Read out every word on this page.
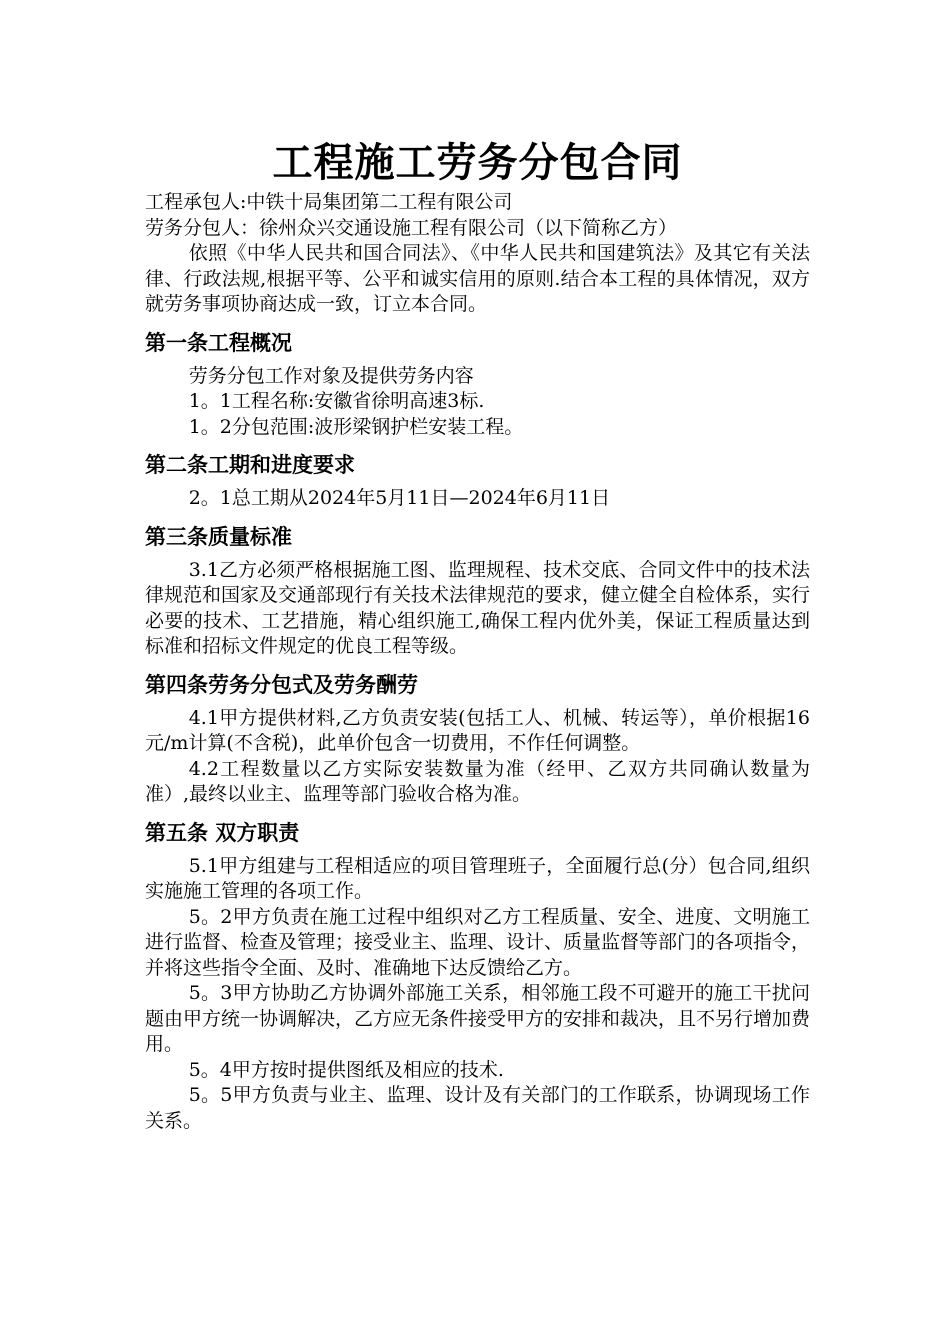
工程施工劳务分包合同

工程承包人:中铁十局集团第二工程有限公司

劳务分包人：徐州众兴交通设施工程有限公司（以下简称乙方）

依照《中华人民共和国合同法》、《中华人民共和国建筑法》及其它有关法律、行政法规,根据平等、公平和诚实信用的原则.结合本工程的具体情况，双方就劳务事项协商达成一致，订立本合同。

第一条工程概况

劳务分包工作对象及提供劳务内容

1。1工程名称:安徽省徐明高速3标.

1。2分包范围:波形梁钢护栏安装工程。

第二条工期和进度要求

2。1总工期从2024年5月11日—2024年6月11日

第三条质量标准

3.1乙方必须严格根据施工图、监理规程、技术交底、合同文件中的技术法律规范和国家及交通部现行有关技术法律规范的要求，健立健全自检体系，实行必要的技术、工艺措施，精心组织施工,确保工程内优外美，保证工程质量达到标准和招标文件规定的优良工程等级。

第四条劳务分包式及劳务酬劳

4.1甲方提供材料,乙方负责安装(包括工人、机械、转运等），单价根据16元/m计算(不含税)，此单价包含一切费用，不作任何调整。

4.2工程数量以乙方实际安装数量为准（经甲、乙双方共同确认数量为准）,最终以业主、监理等部门验收合格为准。

第五条 双方职责

5.1甲方组建与工程相适应的项目管理班子，全面履行总(分）包合同,组织实施施工管理的各项工作。

5。2甲方负责在施工过程中组织对乙方工程质量、安全、进度、文明施工进行监督、检查及管理；接受业主、监理、设计、质量监督等部门的各项指令，并将这些指令全面、及时、准确地下达反馈给乙方。

5。3甲方协助乙方协调外部施工关系，相邻施工段不可避开的施工干扰问题由甲方统一协调解决，乙方应无条件接受甲方的安排和裁决，且不另行增加费用。

5。4甲方按时提供图纸及相应的技术.

5。5甲方负责与业主、监理、设计及有关部门的工作联系，协调现场工作关系。
